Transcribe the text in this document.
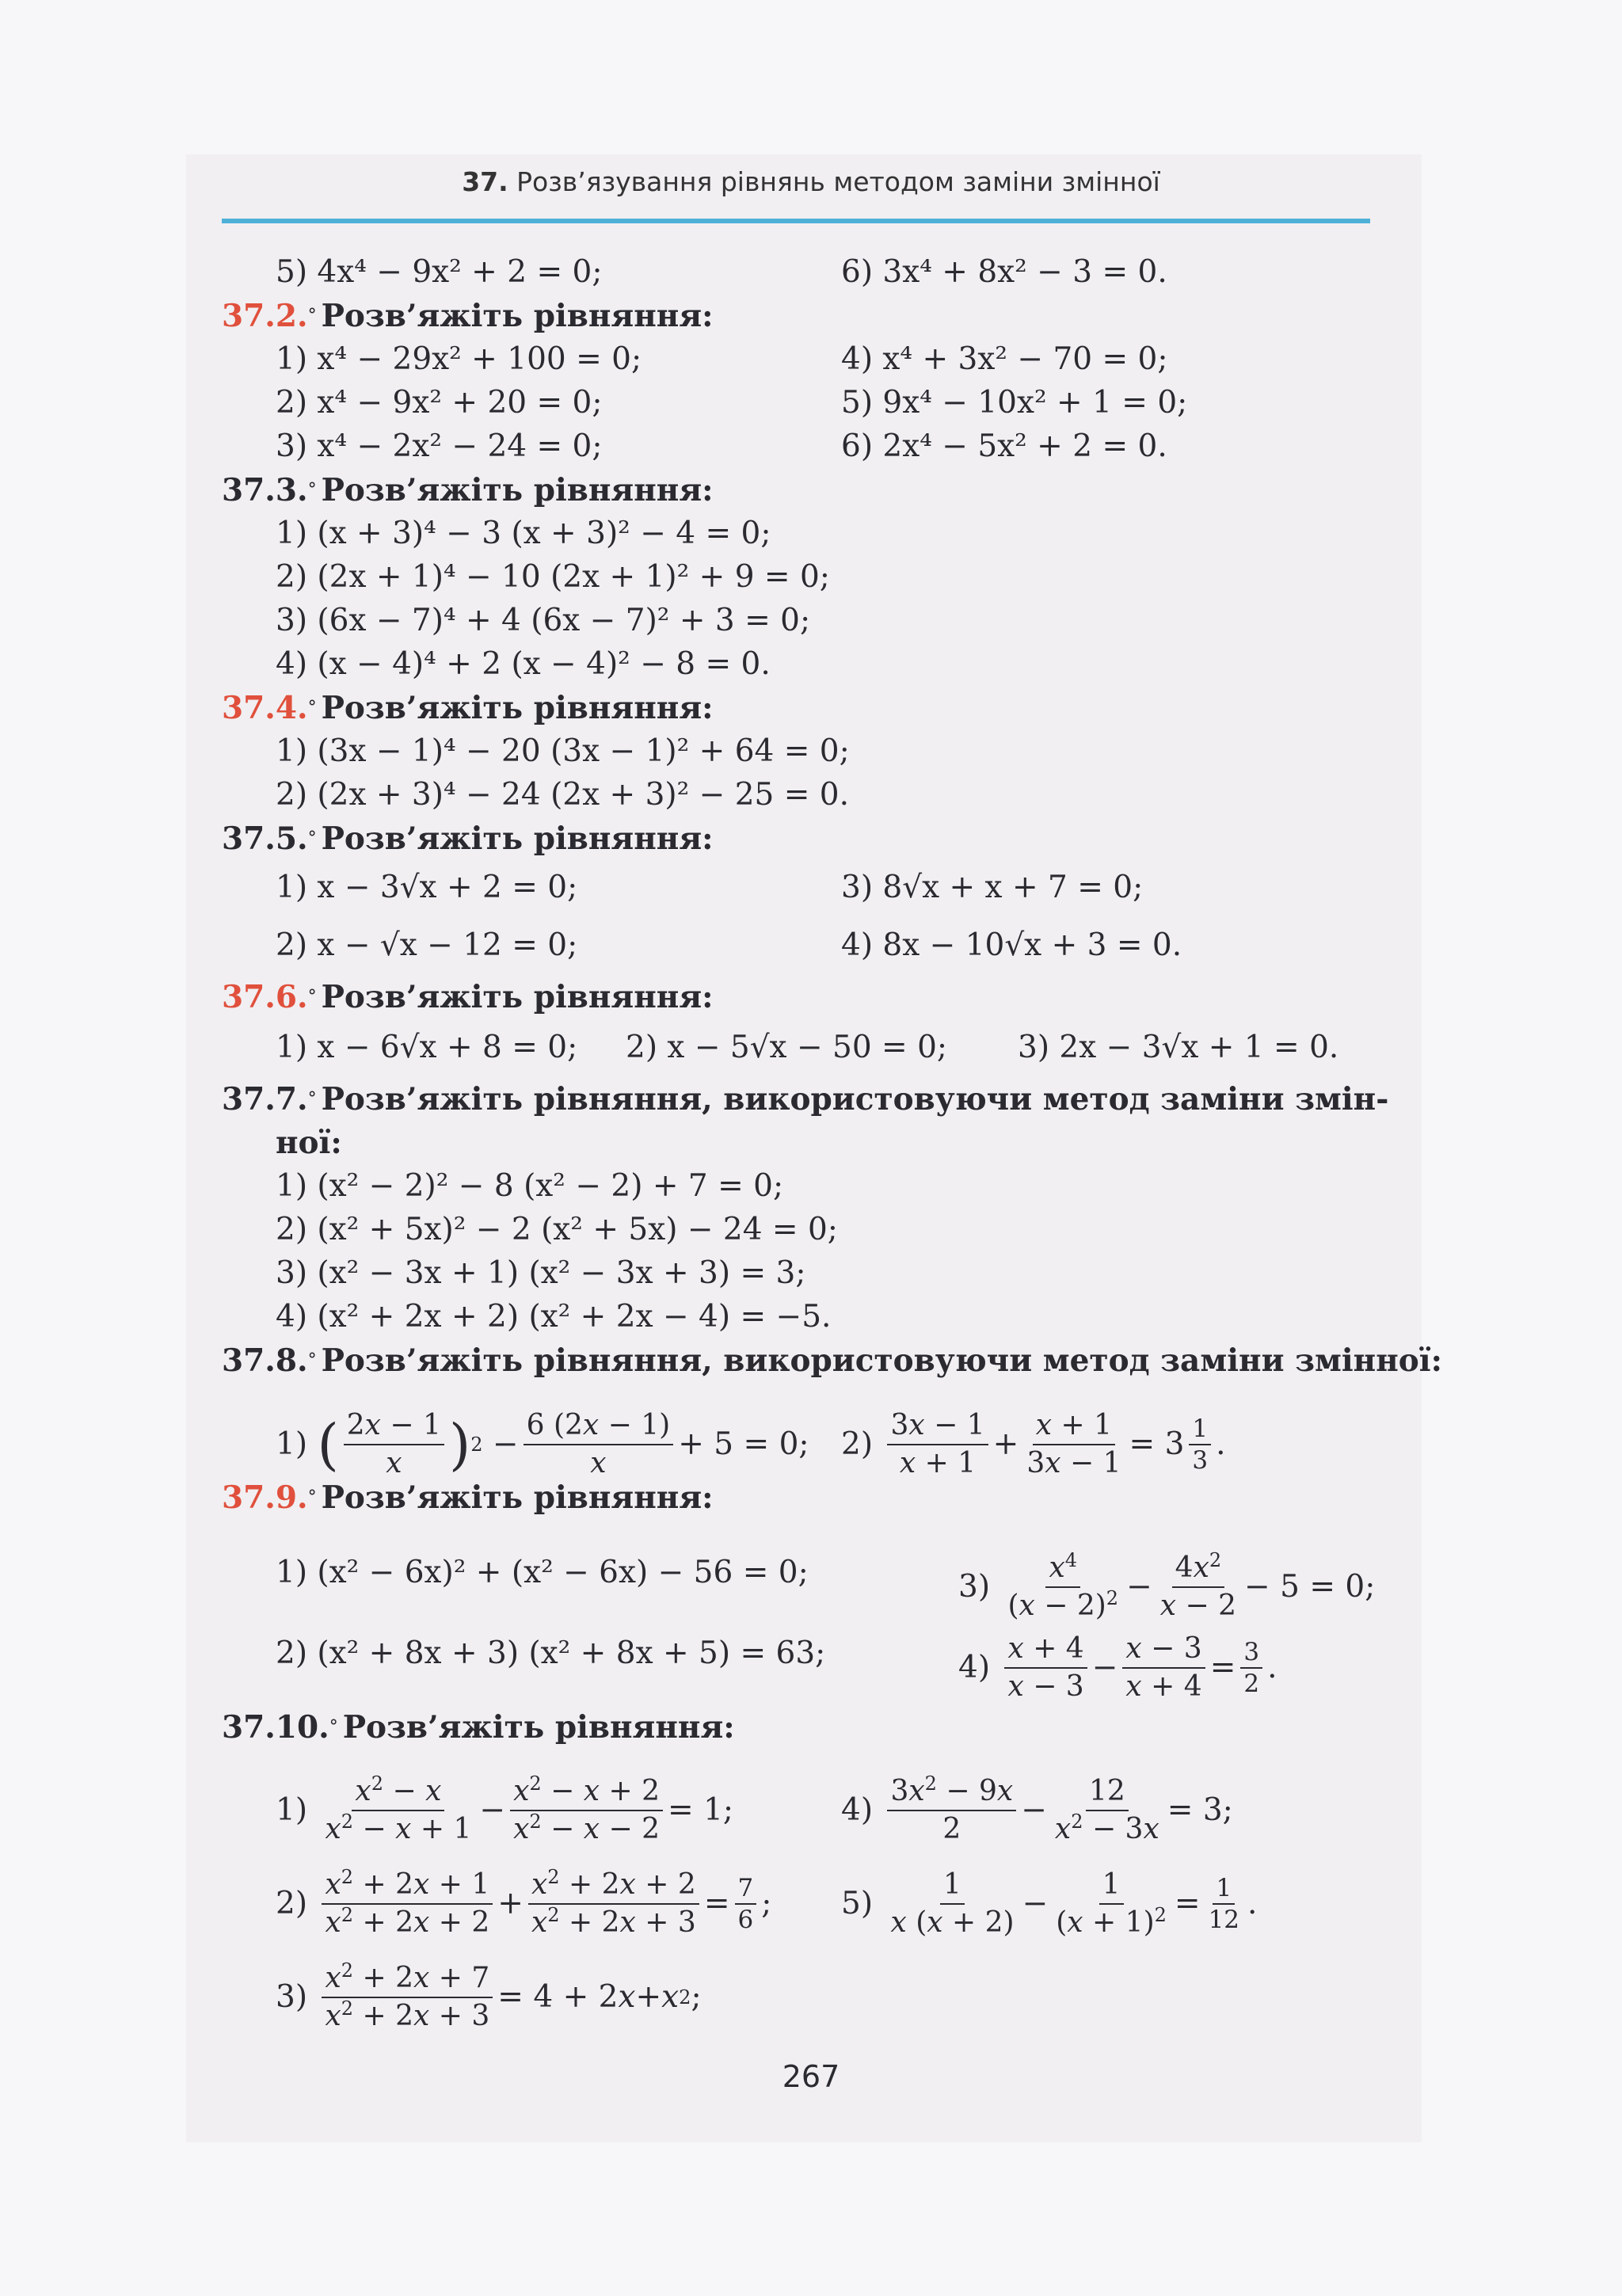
37. Розв’язування рівнянь методом заміни змінної
5) 4x⁴ − 9x² + 2 = 0;	6) 3x⁴ + 8x² − 3 = 0.
37.2. ° Розв’яжіть рівняння:
1) x⁴ − 29x² + 100 = 0;	4) x⁴ + 3x² − 70 = 0;
2) x⁴ − 9x² + 20 = 0;	5) 9x⁴ − 10x² + 1 = 0;
3) x⁴ − 2x² − 24 = 0;	6) 2x⁴ − 5x² + 2 = 0.
37.3. ° Розв’яжіть рівняння:
1) (x + 3)⁴ − 3 (x + 3)² − 4 = 0;
2) (2x + 1)⁴ − 10 (2x + 1)² + 9 = 0;
3) (6x − 7)⁴ + 4 (6x − 7)² + 3 = 0;
4) (x − 4)⁴ + 2 (x − 4)² − 8 = 0.
37.4. ° Розв’яжіть рівняння:
1) (3x − 1)⁴ − 20 (3x − 1)² + 64 = 0;
2) (2x + 3)⁴ − 24 (2x + 3)² − 25 = 0.
37.5. ° Розв’яжіть рівняння:
1) x − 3√x + 2 = 0;	3) 8√x + x + 7 = 0;
2) x − √x − 12 = 0;	4) 8x − 10√x + 3 = 0.
37.6. ° Розв’яжіть рівняння:
1) x − 6√x + 8 = 0; 2) x − 5√x − 50 = 0; 3) 2x − 3√x + 1 = 0.
37.7. ° Розв’яжіть рівняння, використовуючи метод заміни змін-
ної:
1) (x² − 2)² − 8 (x² − 2) + 7 = 0;
2) (x² + 5x)² − 2 (x² + 5x) − 24 = 0;
3) (x² − 3x + 1) (x² − 3x + 3) = 3;
4) (x² + 2x + 2) (x² + 2x − 4) = −5.
37.8. ° Розв’яжіть рівняння, використовуючи метод заміни змінної:
1) ( $\frac{2x - 1}{x}$ ) $2 - \frac{6 (2x - 1)}{x} + 5 = 0$; $2) \frac{3x - 1}{x + 1} + \frac{x + 1}{3x - 1} = 3 \frac{1}{3}$ .
37.9. ° Розв’яжіть рівняння:
1) (x² − 6x)² + (x² − 6x) − 56 = 0;	$3) \frac{x^4}{(x - 2)^2} - \frac{4x^2}{x - 2} - 5 = 0$;
2) (x² + 8x + 3) (x² + 8x + 5) = 63;	$4) \frac{x + 4}{x - 3} - \frac{x - 3}{x + 4} = \frac{3}{2}$ .
37.10. ° Розв’яжіть рівняння:
$1) \frac{x^2 - x}{x^2 - x + 1} - \frac{x^2 - x + 2}{x^2 - x - 2} = 1$;	$4) \frac{3x^2 - 9x}{2} - \frac{12}{x^2 - 3x} = 3$;
$2) \frac{x^2 + 2x + 1}{x^2 + 2x + 2} + \frac{x^2 + 2x + 2}{x^2 + 2x + 3} = \frac{7}{6}$ ; $5) \frac{1}{x (x + 2)} - \frac{1}{(x + 1)^2} = \frac{1}{12}$ .
$3) \frac{x^2 + 2x + 7}{x^2 + 2x + 3} = 4 + 2$ x + x 2 ;
267
